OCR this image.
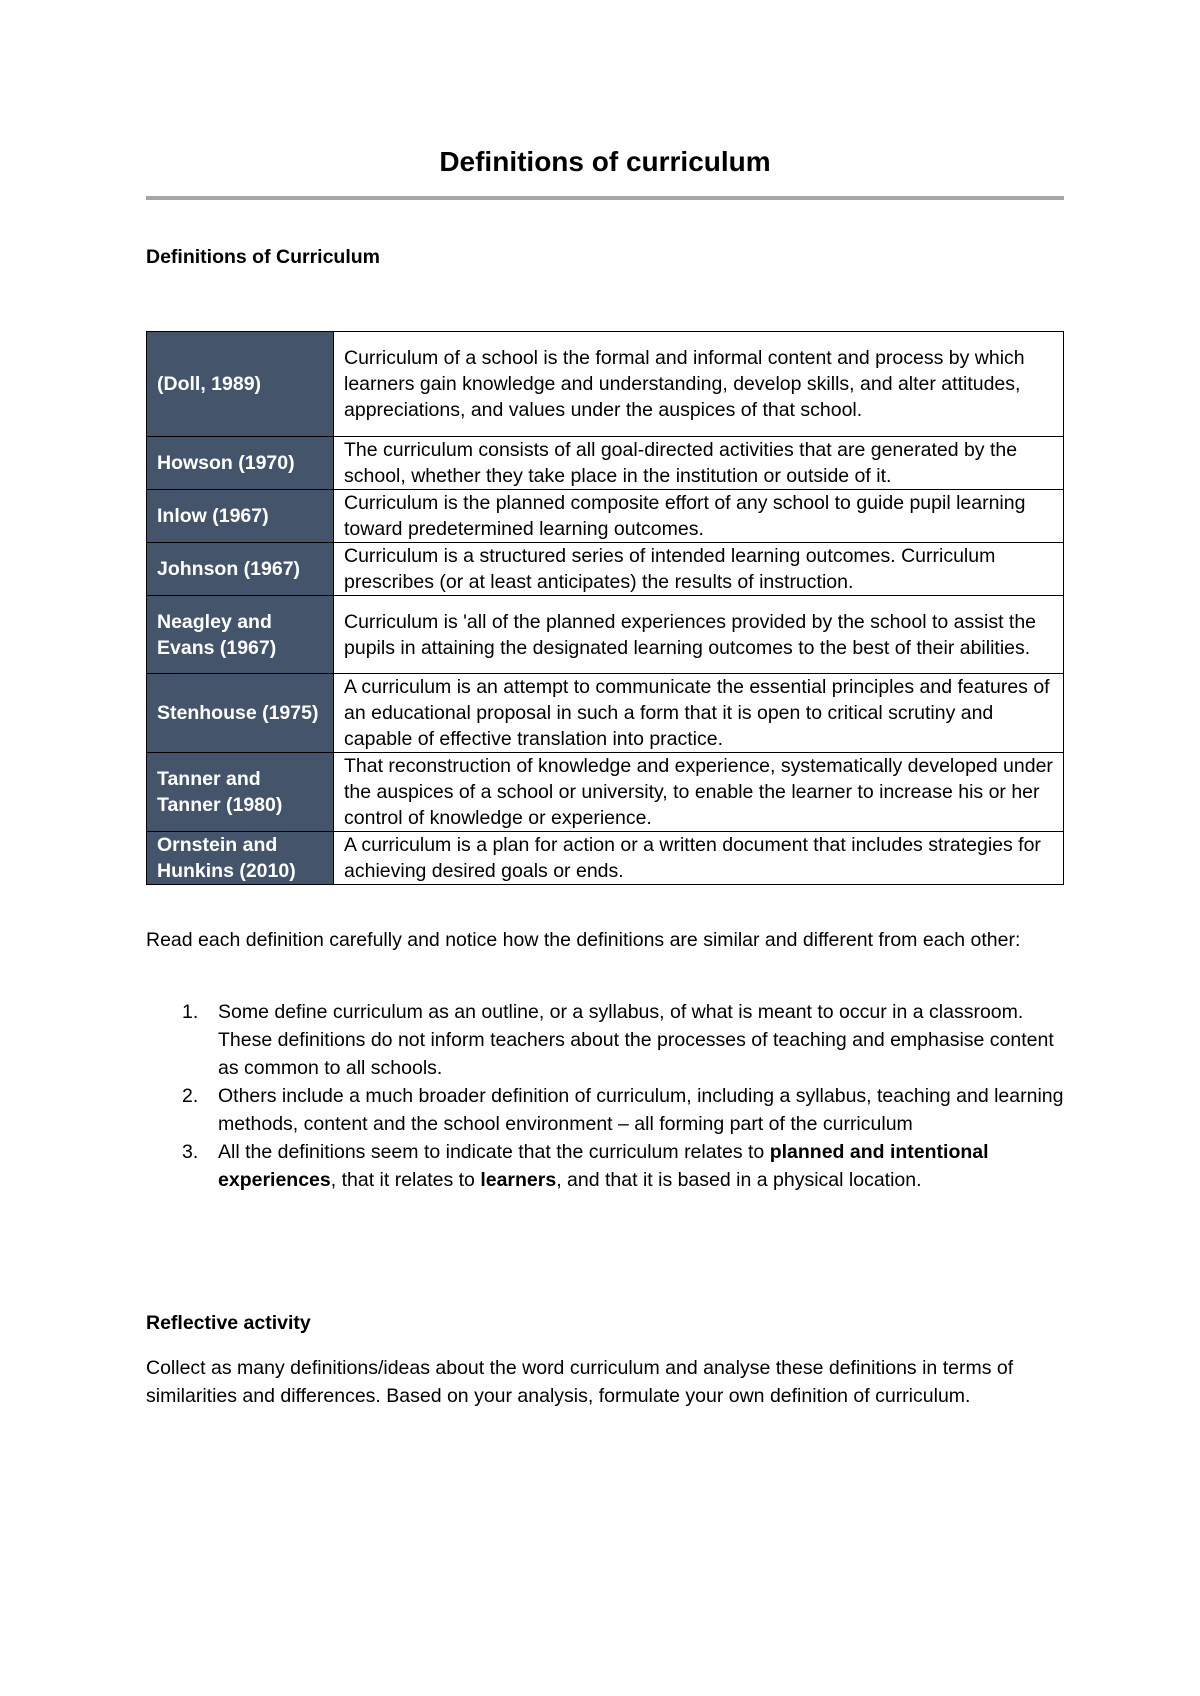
Definitions of curriculum
Definitions of Curriculum
(Doll, 1989)	Curriculum of a school is the formal and informal content and process by which learners gain knowledge and understanding, develop skills, and alter attitudes, appreciations, and values under the auspices of that school.
Howson (1970)	The curriculum consists of all goal-directed activities that are generated by the school, whether they take place in the institution or outside of it.
Inlow (1967)	Curriculum is the planned composite effort of any school to guide pupil learning toward predetermined learning outcomes.
Johnson (1967)	Curriculum is a structured series of intended learning outcomes. Curriculum prescribes (or at least anticipates) the results of instruction.
Neagley and Evans (1967)	Curriculum is 'all of the planned experiences provided by the school to assist the pupils in attaining the designated learning outcomes to the best of their abilities.
Stenhouse (1975)	A curriculum is an attempt to communicate the essential principles and features of an educational proposal in such a form that it is open to critical scrutiny and capable of effective translation into practice.
Tanner and Tanner (1980)	That reconstruction of knowledge and experience, systematically developed under the auspices of a school or university, to enable the learner to increase his or her control of knowledge or experience.
Ornstein and Hunkins (2010)	A curriculum is a plan for action or a written document that includes strategies for achieving desired goals or ends.

Read each definition carefully and notice how the definitions are similar and different from each other:

1. Some define curriculum as an outline, or a syllabus, of what is meant to occur in a classroom. These definitions do not inform teachers about the processes of teaching and emphasise content as common to all schools.
2. Others include a much broader definition of curriculum, including a syllabus, teaching and learning methods, content and the school environment – all forming part of the curriculum
3. All the definitions seem to indicate that the curriculum relates to planned and intentional experiences, that it relates to learners, and that it is based in a physical location.
Reflective activity

Collect as many definitions/ideas about the word curriculum and analyse these definitions in terms of similarities and differences. Based on your analysis, formulate your own definition of curriculum.
